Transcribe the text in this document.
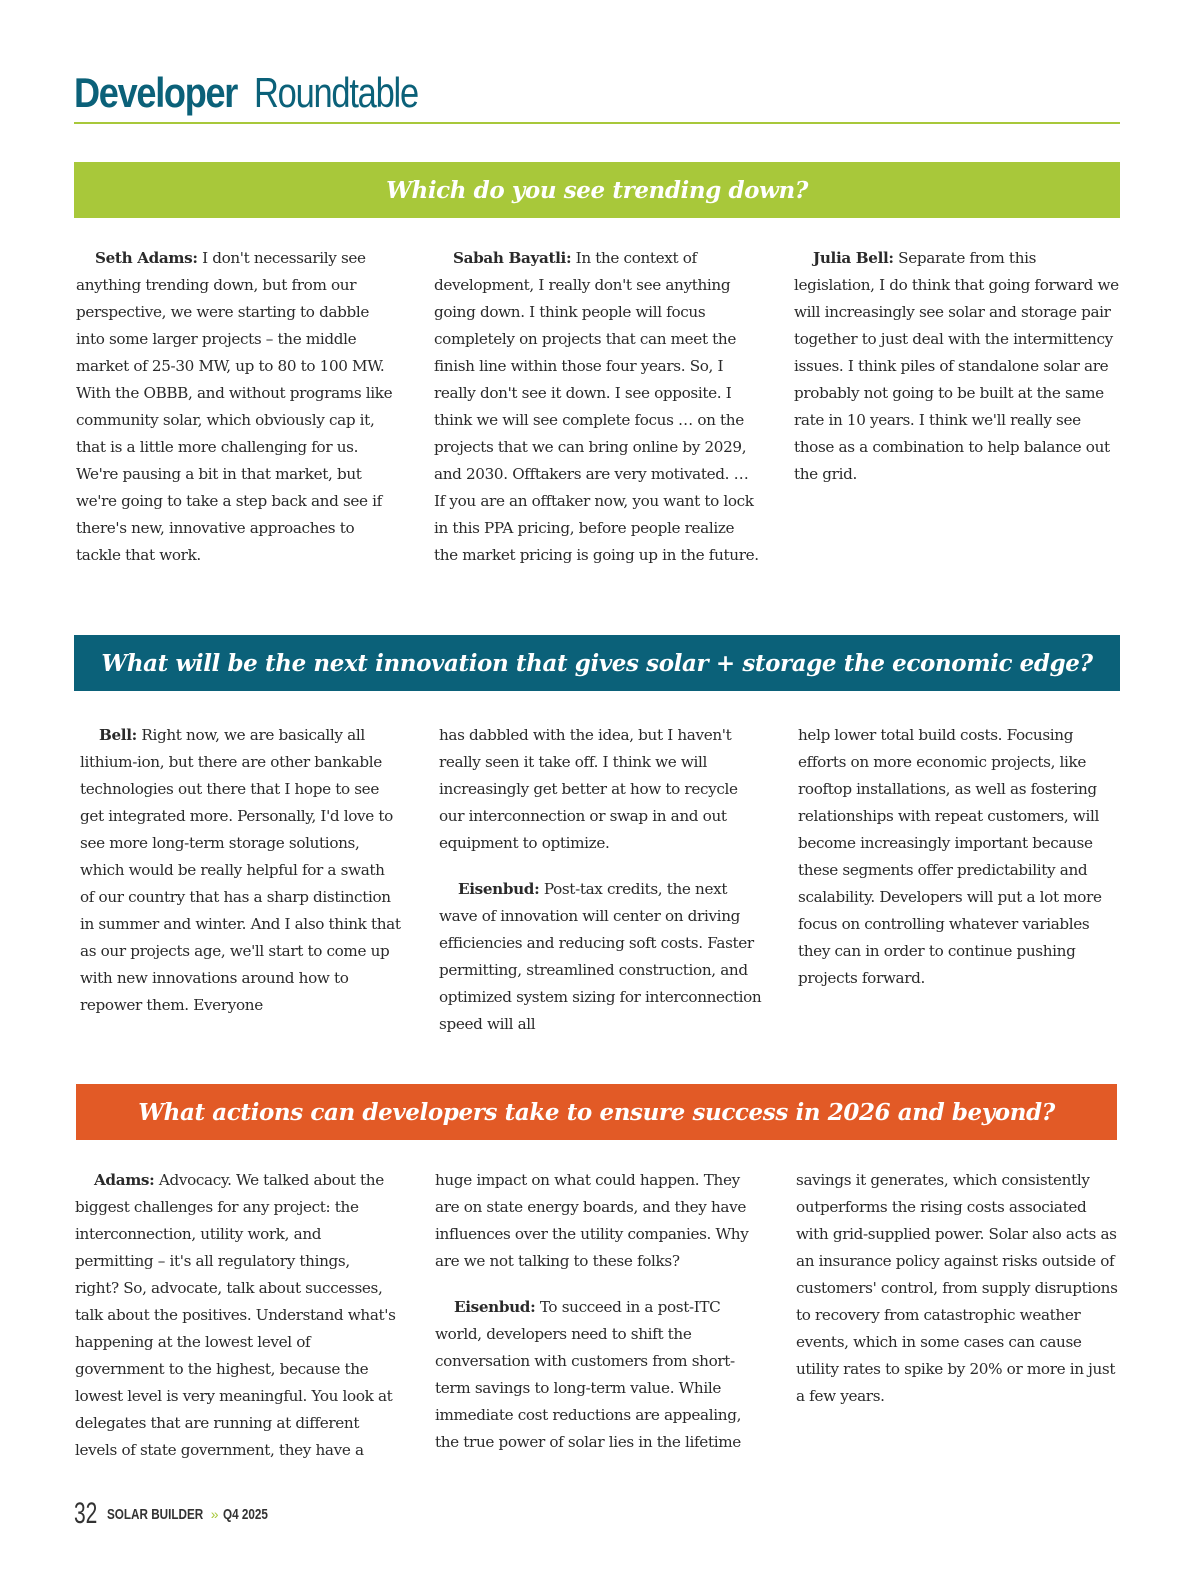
Developer Roundtable
Which do you see trending down?

Seth Adams: I don't necessarily see anything trending down, but from our perspective, we were starting to dabble into some larger projects – the middle market of 25-30 MW, up to 80 to 100 MW. With the OBBB, and without programs like community solar, which obviously cap it, that is a little more challenging for us. We're pausing a bit in that market, but we're going to take a step back and see if there's new, innovative approaches to tackle that work.

Sabah Bayatli: In the context of development, I really don't see anything going down. I think people will focus completely on projects that can meet the finish line within those four years. So, I really don't see it down. I see opposite. I think we will see complete focus … on the projects that we can bring online by 2029, and 2030. Offtakers are very motivated. … If you are an offtaker now, you want to lock in this PPA pricing, before people realize the market pricing is going up in the future.

Julia Bell: Separate from this legislation, I do think that going forward we will increasingly see solar and storage pair together to just deal with the intermittency issues. I think piles of standalone solar are probably not going to be built at the same rate in 10 years. I think we'll really see those as a combination to help balance out the grid.

What will be the next innovation that gives solar + storage the economic edge?

Bell: Right now, we are basically all lithium-ion, but there are other bankable technologies out there that I hope to see get integrated more. Personally, I'd love to see more long-term storage solutions, which would be really helpful for a swath of our country that has a sharp distinction in summer and winter. And I also think that as our projects age, we'll start to come up with new innovations around how to repower them. Everyone

has dabbled with the idea, but I haven't really seen it take off. I think we will increasingly get better at how to recycle our interconnection or swap in and out equipment to optimize.

Eisenbud: Post-tax credits, the next wave of innovation will center on driving efficiencies and reducing soft costs. Faster permitting, streamlined construction, and optimized system sizing for interconnection speed will all

help lower total build costs. Focusing efforts on more economic projects, like rooftop installations, as well as fostering relationships with repeat customers, will become increasingly important because these segments offer predictability and scalability. Developers will put a lot more focus on controlling whatever variables they can in order to continue pushing projects forward.

What actions can developers take to ensure success in 2026 and beyond?

Adams: Advocacy. We talked about the biggest challenges for any project: the interconnection, utility work, and permitting – it's all regulatory things, right? So, advocate, talk about successes, talk about the positives. Understand what's happening at the lowest level of government to the highest, because the lowest level is very meaningful. You look at delegates that are running at different levels of state government, they have a

huge impact on what could happen. They are on state energy boards, and they have influences over the utility companies. Why are we not talking to these folks?

Eisenbud: To succeed in a post-ITC world, developers need to shift the conversation with customers from short-term savings to long-term value. While immediate cost reductions are appealing, the true power of solar lies in the lifetime

savings it generates, which consistently outperforms the rising costs associated with grid-supplied power. Solar also acts as an insurance policy against risks outside of customers' control, from supply disruptions to recovery from catastrophic weather events, which in some cases can cause utility rates to spike by 20% or more in just a few years.

32 SOLAR BUILDER » Q4 2025
